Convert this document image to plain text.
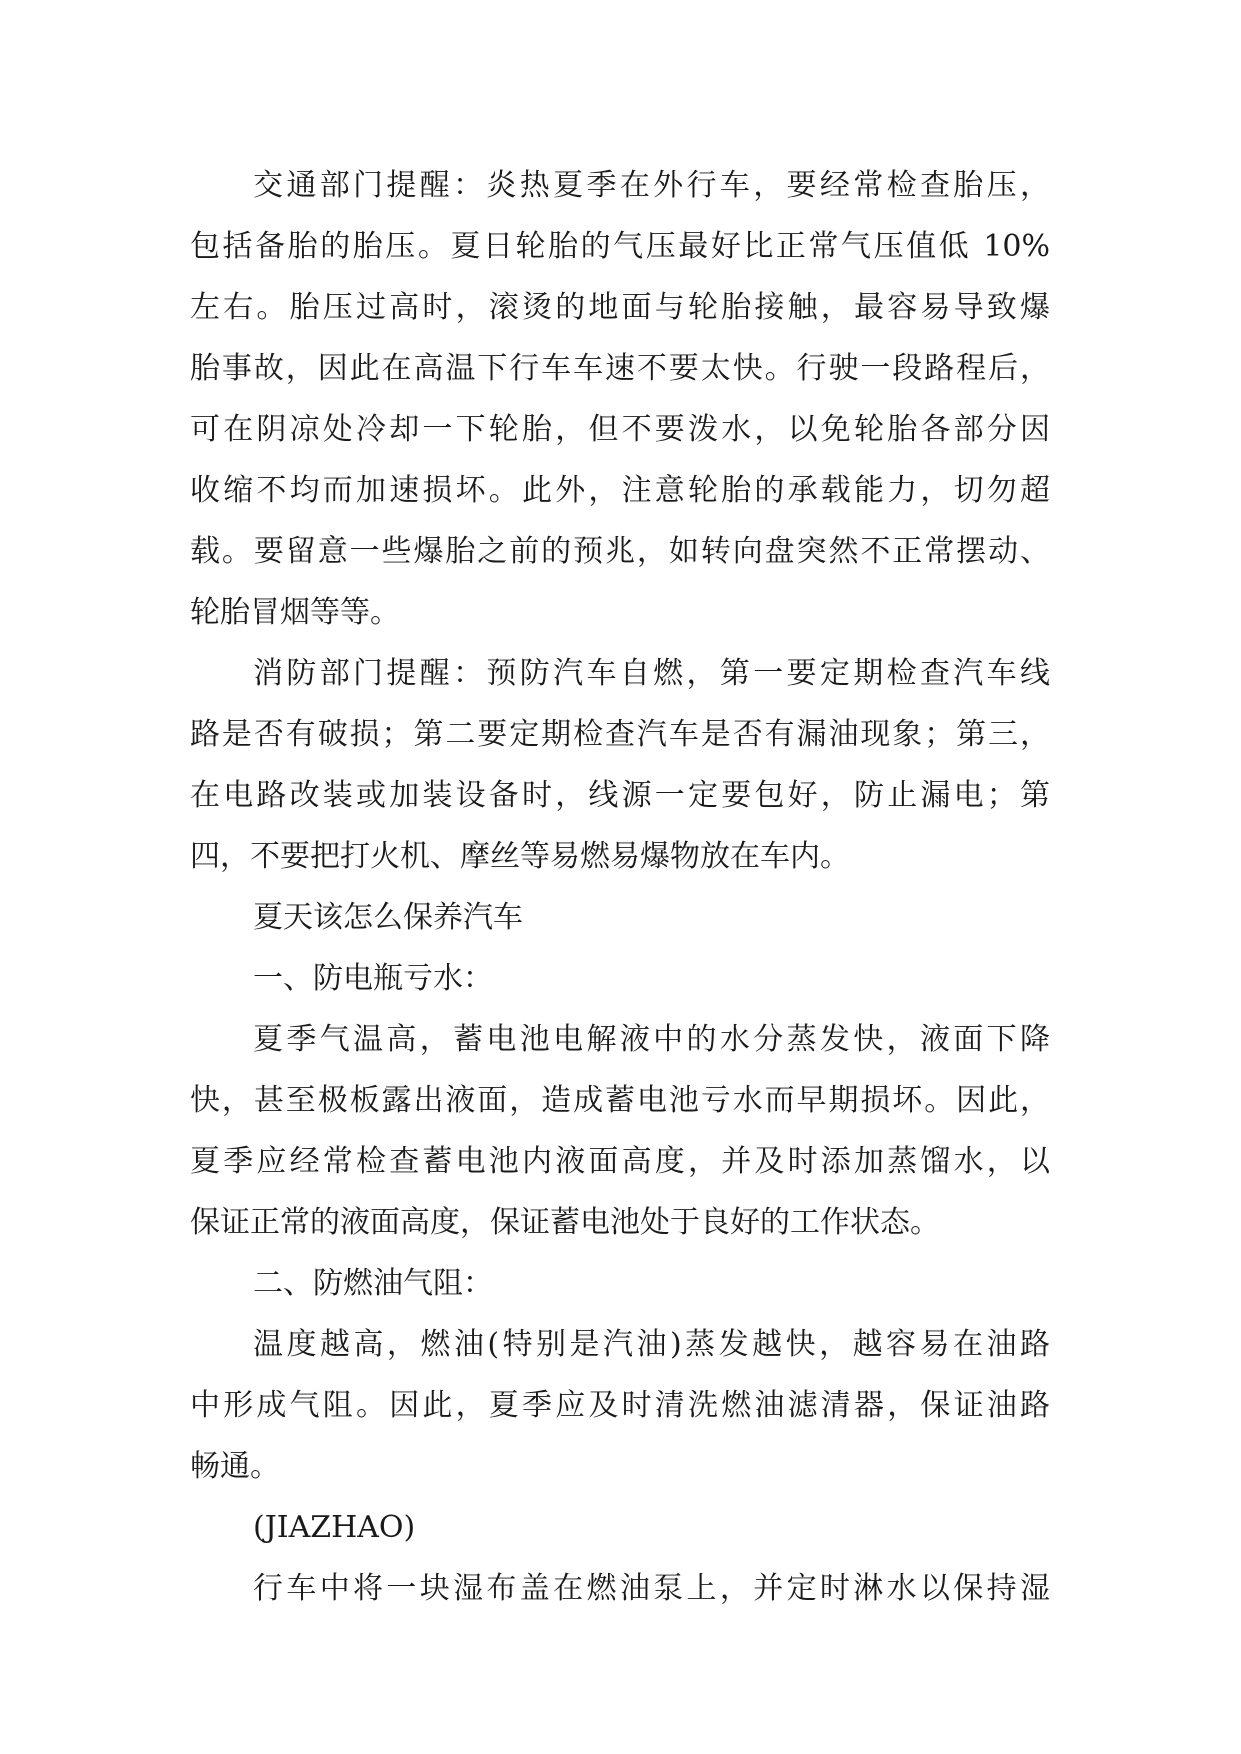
交通部门提醒：炎热夏季在外行车，要经常检查胎压，

包括备胎的胎压。夏日轮胎的气压最好比正常气压值低 10%

左右。胎压过高时，滚烫的地面与轮胎接触，最容易导致爆

胎事故，因此在高温下行车车速不要太快。行驶一段路程后，

可在阴凉处冷却一下轮胎，但不要泼水，以免轮胎各部分因

收缩不均而加速损坏。此外，注意轮胎的承载能力，切勿超

载。要留意一些爆胎之前的预兆，如转向盘突然不正常摆动、

轮胎冒烟等等。

消防部门提醒：预防汽车自燃，第一要定期检查汽车线

路是否有破损；第二要定期检查汽车是否有漏油现象；第三，

在电路改装或加装设备时，线源一定要包好，防止漏电；第

四，不要把打火机、摩丝等易燃易爆物放在车内。

夏天该怎么保养汽车

一、防电瓶亏水：

夏季气温高，蓄电池电解液中的水分蒸发快，液面下降

快，甚至极板露出液面，造成蓄电池亏水而早期损坏。因此，

夏季应经常检查蓄电池内液面高度，并及时添加蒸馏水，以

保证正常的液面高度，保证蓄电池处于良好的工作状态。

二、防燃油气阻：

温度越高，燃油(特别是汽油)蒸发越快，越容易在油路

中形成气阻。因此，夏季应及时清洗燃油滤清器，保证油路

畅通。

(JIAZHAO)

行车中将一块湿布盖在燃油泵上，并定时淋水以保持湿
